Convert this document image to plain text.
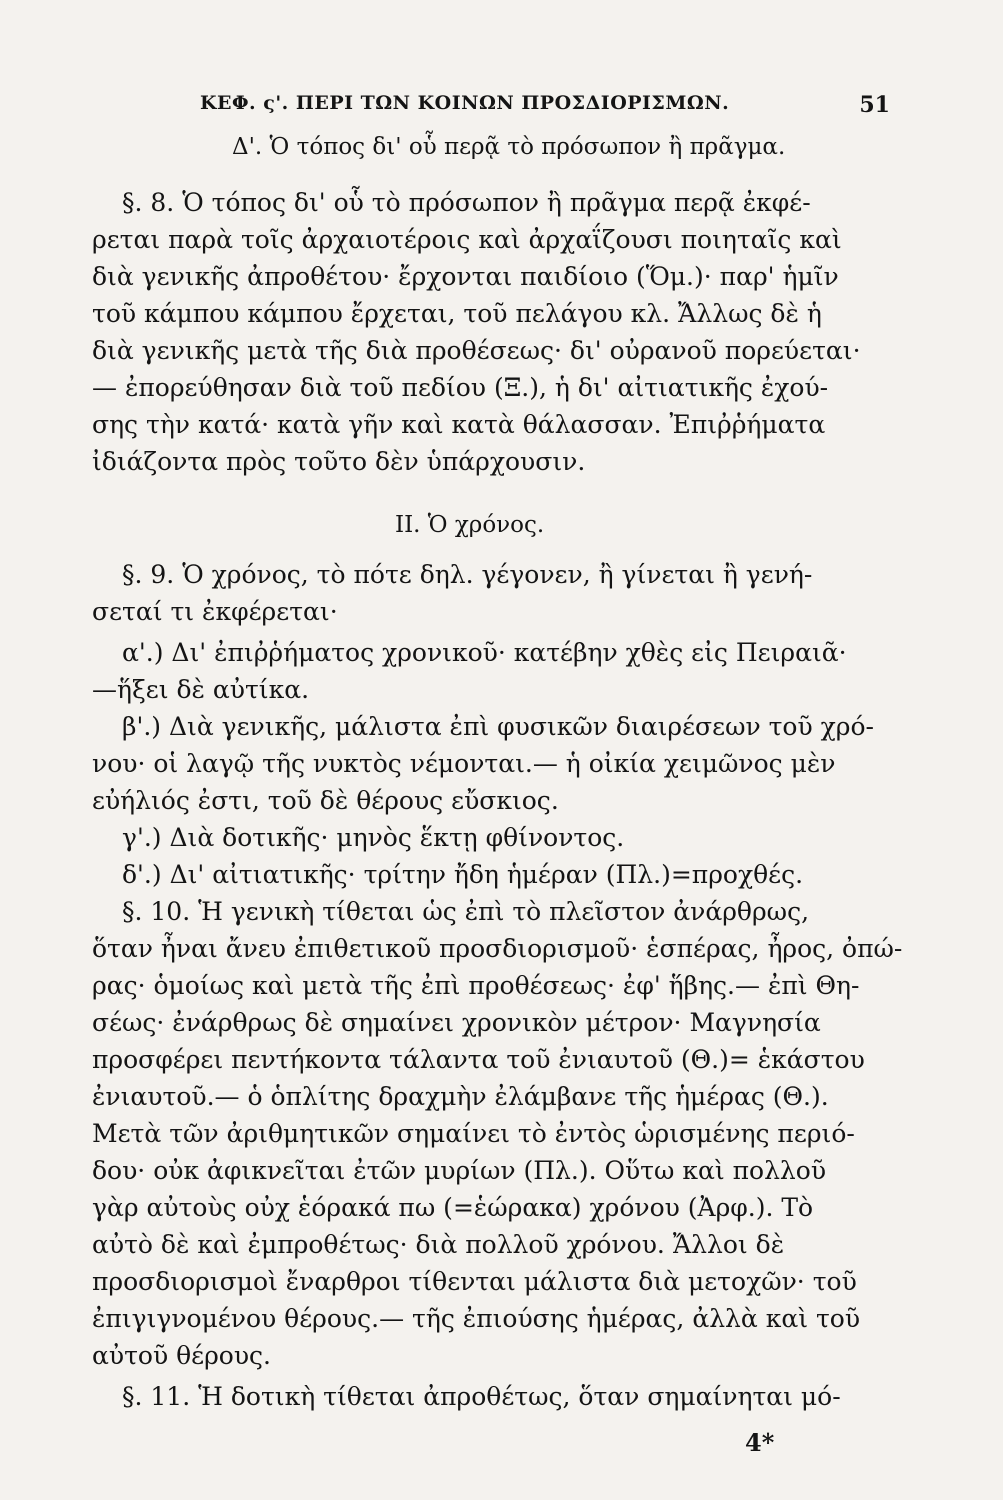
ΚΕΦ. ς'. ΠΕΡΙ ΤΩΝ ΚΟΙΝΩΝ ΠΡΟΣΔΙΟΡΙΣΜΩΝ.	51
Δ'. Ὁ τόπος δι' οὗ περᾷ τὸ πρόσωπον ἢ πρᾶγμα.
§. 8. Ὁ τόπος δι' οὗ τὸ πρόσωπον ἢ πρᾶγμα περᾷ ἐκφέ-
ρεται παρὰ τοῖς ἀρχαιοτέροις καὶ ἀρχαΐζουσι ποιηταῖς καὶ
διὰ γενικῆς ἀπροθέτου· ἔρχονται παιδίοιο (Ὅμ.)· παρ' ἡμῖν
τοῦ κάμπου κάμπου ἔρχεται, τοῦ πελάγου κλ. Ἄλλως δὲ ἡ
διὰ γενικῆς μετὰ τῆς διὰ προθέσεως· δι' οὐρανοῦ πορεύεται·
— ἐπορεύθησαν διὰ τοῦ πεδίου (Ξ.), ἡ δι' αἰτιατικῆς ἐχού-
σης τὴν κατά· κατὰ γῆν καὶ κατὰ θάλασσαν. Ἐπιῤῥήματα
ἰδιάζοντα πρὸς τοῦτο δὲν ὑπάρχουσιν.
ΙΙ. Ὁ χρόνος.
§. 9. Ὁ χρόνος, τὸ πότε δηλ. γέγονεν, ἢ γίνεται ἢ γενή-
σεταί τι ἐκφέρεται·
α'.) Δι' ἐπιῤῥήματος χρονικοῦ· κατέβην χθὲς εἰς Πειραιᾶ·
—ἥξει δὲ αὐτίκα.
β'.) Διὰ γενικῆς, μάλιστα ἐπὶ φυσικῶν διαιρέσεων τοῦ χρό-
νου· οἱ λαγῷ τῆς νυκτὸς νέμονται.— ἡ οἰκία χειμῶνος μὲν
εὐήλιός ἐστι, τοῦ δὲ θέρους εὔσκιος.
γ'.) Διὰ δοτικῆς· μηνὸς ἕκτῃ φθίνοντος.
δ'.) Δι' αἰτιατικῆς· τρίτην ἤδη ἡμέραν (Πλ.)=προχθές.
§. 10. Ἡ γενικὴ τίθεται ὡς ἐπὶ τὸ πλεῖστον ἀνάρθρως,
ὅταν ἦναι ἄνευ ἐπιθετικοῦ προσδιορισμοῦ· ἑσπέρας, ἦρος, ὀπώ-
ρας· ὁμοίως καὶ μετὰ τῆς ἐπὶ προθέσεως· ἐφ' ἥβης.— ἐπὶ Θη-
σέως· ἐνάρθρως δὲ σημαίνει χρονικὸν μέτρον· Μαγνησία
προσφέρει πεντήκοντα τάλαντα τοῦ ἐνιαυτοῦ (Θ.)= ἑκάστου
ἐνιαυτοῦ.— ὁ ὁπλίτης δραχμὴν ἐλάμβανε τῆς ἡμέρας (Θ.).
Μετὰ τῶν ἀριθμητικῶν σημαίνει τὸ ἐντὸς ὡρισμένης περιό-
δου· οὐκ ἀφικνεῖται ἐτῶν μυρίων (Πλ.). Οὕτω καὶ πολλοῦ
γὰρ αὐτοὺς οὐχ ἑόρακά πω (=ἑώρακα) χρόνου (Ἀρφ.). Τὸ
αὐτὸ δὲ καὶ ἐμπροθέτως· διὰ πολλοῦ χρόνου. Ἄλλοι δὲ
προσδιορισμοὶ ἔναρθροι τίθενται μάλιστα διὰ μετοχῶν· τοῦ
ἐπιγιγνομένου θέρους.— τῆς ἐπιούσης ἡμέρας, ἀλλὰ καὶ τοῦ
αὐτοῦ θέρους.
§. 11. Ἡ δοτικὴ τίθεται ἀπροθέτως, ὅταν σημαίνηται μό-
4*
